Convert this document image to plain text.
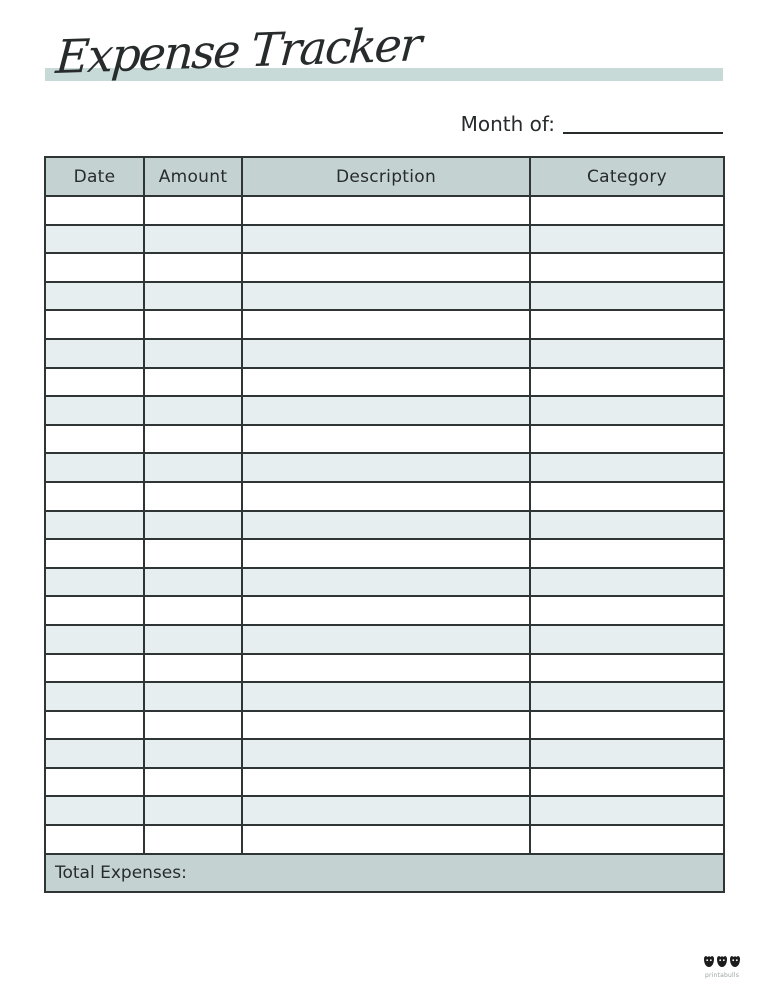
Expense Tracker
Month of:
Date	Amount	Description	Category

Total Expenses:			
printabulls
